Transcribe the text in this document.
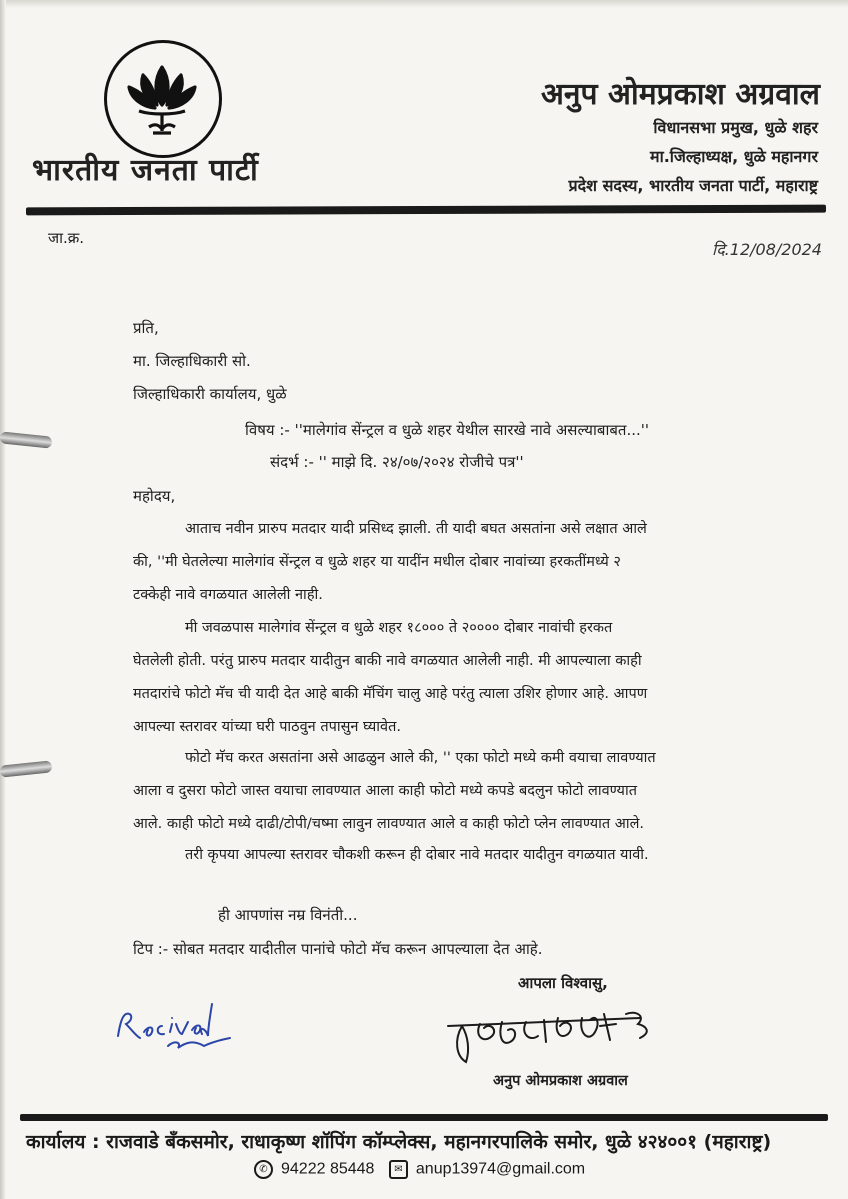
भारतीय जनता पार्टी
अनुप ओमप्रकाश अग्रवाल
विधानसभा प्रमुख, धुळे शहर
मा.जिल्हाध्यक्ष, धुळे महानगर
प्रदेश सदस्य, भारतीय जनता पार्टी, महाराष्ट्र
जा.क्र.
दि.12/08/2024
प्रति,
मा. जिल्हाधिकारी सो.
जिल्हाधिकारी कार्यालय, धुळे
विषय :- ''मालेगांव सेंन्ट्रल व धुळे शहर येथील सारखे नावे असल्याबाबत...''
संदर्भ :- '' माझे दि. २४/०७/२०२४ रोजीचे पत्र''
महोदय,
आताच नवीन प्रारुप मतदार यादी प्रसिध्द झाली. ती यादी बघत असतांना असे लक्षात आले
की, ''मी घेतलेल्या मालेगांव सेंन्ट्रल व धुळे शहर या यादींन मधील दोबार नावांच्या हरकतींमध्ये २
टक्केही नावे वगळयात आलेली नाही.
मी जवळपास मालेगांव सेंन्ट्रल व धुळे शहर १८००० ते २०००० दोबार नावांची हरकत
घेतलेली होती. परंतु प्रारुप मतदार यादीतुन बाकी नावे वगळयात आलेली नाही. मी आपल्याला काही
मतदारांचे फोटो मॅच ची यादी देत आहे बाकी मॅचिंग चालु आहे परंतु त्याला उशिर होणार आहे. आपण
आपल्या स्तरावर यांच्या घरी पाठवुन तपासुन घ्यावेत.
फोटो मॅच करत असतांना असे आढळुन आले की, '' एका फोटो मध्ये कमी वयाचा लावण्यात
आला व दुसरा फोटो जास्त वयाचा लावण्यात आला काही फोटो मध्ये कपडे बदलुन फोटो लावण्यात
आले. काही फोटो मध्ये दाढी/टोपी/चष्मा लावुन लावण्यात आले व काही फोटो प्लेन लावण्यात आले.
तरी कृपया आपल्या स्तरावर चौकशी करून ही दोबार नावे मतदार यादीतुन वगळयात यावी.
ही आपणांस नम्र विनंती...
टिप :- सोबत मतदार यादीतील पानांचे फोटो मॅच करून आपल्याला देत आहे.
आपला विश्वासु,
अनुप ओमप्रकाश अग्रवाल
कार्यालय : राजवाडे बँकसमोर, राधाकृष्ण शॉपिंग कॉम्प्लेक्स, महानगरपालिके समोर, धुळे ४२४००१ (महाराष्ट्र)
✆ 94222 85448 ✉ anup13974@gmail.com
